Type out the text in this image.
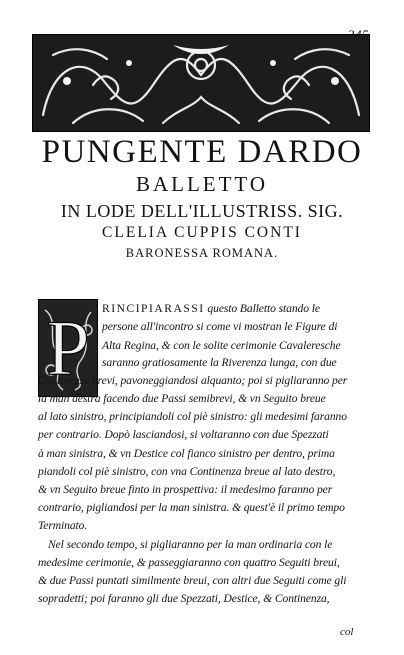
PUNGENTE DARDO
BALLETTO
IN LODE DELL'ILLUSTRISS. SIG.
CLELIA CUPPIS CONTI
BARONESSA ROMANA.
P RINCIPIARASSI questo Balletto stando le
persone all'incontro si come vi mostran le Figure di
Alta Regina, & con le solite cerimonie Cavaleresche
saranno gratiosamente la Riverenza lunga, con due
Continenze brevi, pavoneggiandosi alquanto; poi si pigliaranno per
la man destra facendo due Passi semibrevi, & vn Seguito breue
al lato sinistro, principiandoli col piè sinistro: gli medesimi faranno
per contrario. Dopò lasciandosi, si voltaranno con due Spezzati
à man sinistra, & vn Destice col fianco sinistro per dentro, prima
piandoli col piè sinistro, con vna Continenza breue al lato destro,
& vn Seguito breue finto in prospettiva: il medesimo faranno per
contrario, pigliandosi per la man sinistra. & quest'è il primo tempo
Terminato.
Nel secondo tempo, si pigliaranno per la man ordinaria con le
medesime cerimonie, & passeggiaranno con quattro Seguiti breui,
& due Passi puntati similmente breui, con altri due Seguiti come gli
sopradetti; poi faranno gli due Spezzati, Destice, & Continenza,
col
